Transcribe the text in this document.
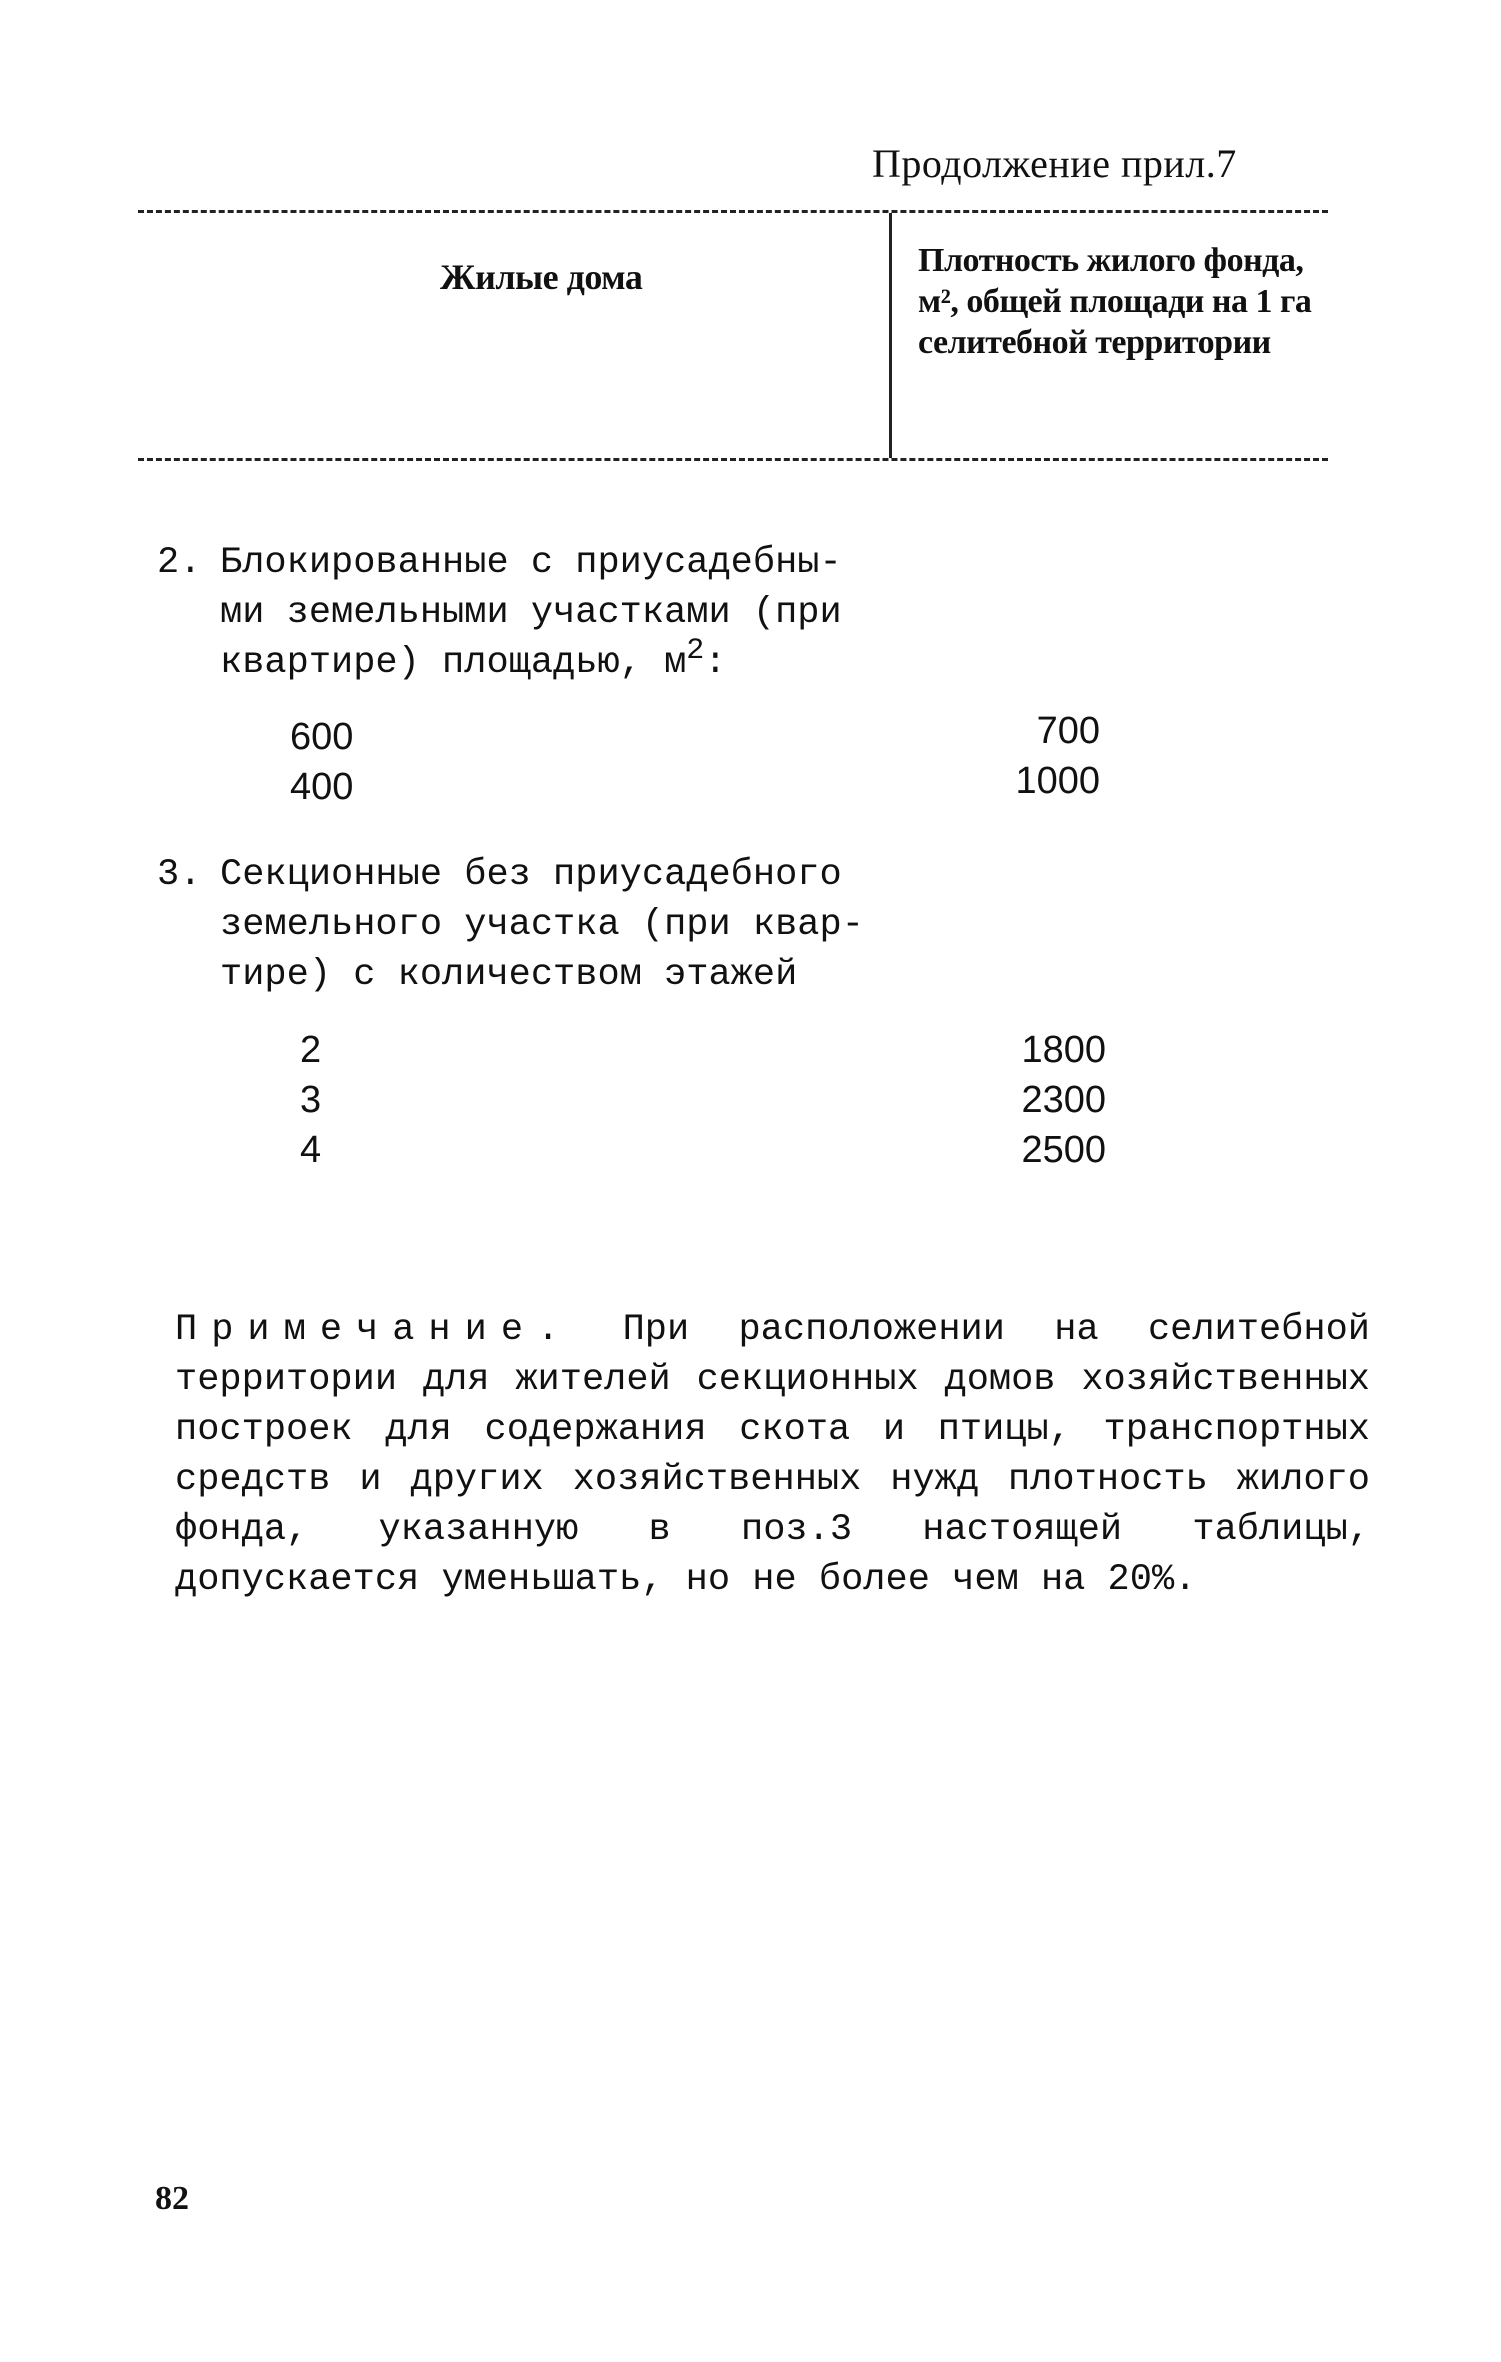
Продолжение прил.7
Жилые дома	Плотность жилого фонда, м², общей площади на 1 га селитебной территории
2. Блокированные с приусадебны-
ми земельными участками (при
квартире) площадью, $м^2$:
600	700
400	1000
3. Секционные без приусадебного
земельного участка (при квар-
тире) с количеством этажей
2	1800
3	2300
4	2500
Примечание. При расположении на селитебной территории для жителей секционных домов хозяйственных построек для содержания скота и птицы, транспортных средств и других хозяйственных нужд плотность жилого фонда, указанную в поз.3 настоящей таблицы, допускается уменьшать, но не более чем на 20%.
82
